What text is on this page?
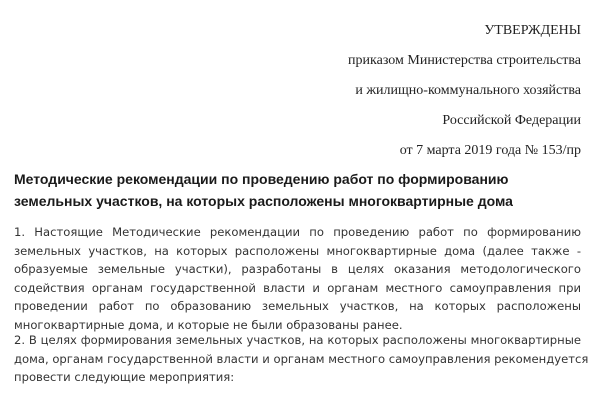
УТВЕРЖДЕНЫ
приказом Министерства строительства
и жилищно-коммунального хозяйства
Российской Федерации
от 7 марта 2019 года № 153/пр
Методические рекомендации по проведению работ по формированию
земельных участков, на которых расположены многоквартирные дома

1. Настоящие Методические рекомендации по проведению работ по формированию
земельных участков, на которых расположены многоквартирные дома (далее также -
образуемые земельные участки), разработаны в целях оказания методологического
содействия органам государственной власти и органам местного самоуправления при
проведении работ по образованию земельных участков, на которых расположены
многоквартирные дома, и которые не были образованы ранее.

2. В целях формирования земельных участков, на которых расположены многоквартирные
дома, органам государственной власти и органам местного самоуправления рекомендуется
провести следующие мероприятия:
